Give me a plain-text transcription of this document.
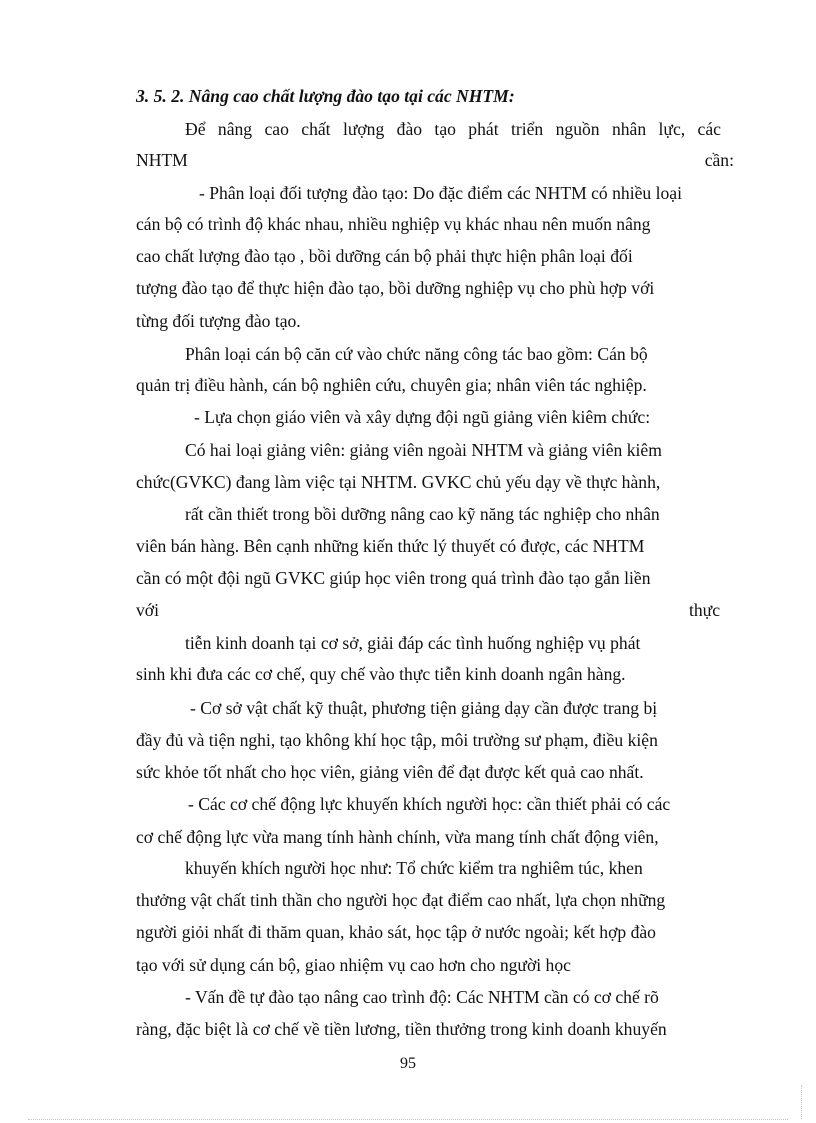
3. 5. 2. Nâng cao chất lượng đào tạo tại các NHTM:
Để nâng cao chất lượng đào tạo phát triển nguồn nhân lực, các
NHTM	cần:
- Phân loại đối tượng đào tạo: Do đặc điểm các NHTM có nhiều loại
cán bộ có trình độ khác nhau, nhiều nghiệp vụ khác nhau nên muốn nâng
cao chất lượng đào tạo , bồi dưỡng cán bộ phải thực hiện phân loại đối
tượng đào tạo để thực hiện đào tạo, bồi dưỡng nghiệp vụ cho phù hợp với
từng đối tượng đào tạo.
Phân loại cán bộ căn cứ vào chức năng công tác bao gồm: Cán bộ
quản trị điều hành, cán bộ nghiên cứu, chuyên gia; nhân viên tác nghiệp.
- Lựa chọn giáo viên và xây dựng đội ngũ giảng viên kiêm chức:
Có hai loại giảng viên: giảng viên ngoài NHTM và giảng viên kiêm
chức(GVKC) đang làm việc tại NHTM. GVKC chủ yếu dạy về thực hành,
rất cần thiết trong bồi dưỡng nâng cao kỹ năng tác nghiệp cho nhân
viên bán hàng. Bên cạnh những kiến thức lý thuyết có được, các NHTM
cần có một đội ngũ GVKC giúp học viên trong quá trình đào tạo gắn liền
với	thực
tiễn kinh doanh tại cơ sở, giải đáp các tình huống nghiệp vụ phát
sinh khi đưa các cơ chế, quy chế vào thực tiễn kinh doanh ngân hàng.
- Cơ sở vật chất kỹ thuật, phương tiện giảng dạy cần được trang bị
đầy đủ và tiện nghi, tạo không khí học tập, môi trường sư phạm, điều kiện
sức khỏe tốt nhất cho học viên, giảng viên để đạt được kết quả cao nhất.
- Các cơ chế động lực khuyến khích người học: cần thiết phải có các
cơ chế động lực vừa mang tính hành chính, vừa mang tính chất động viên,
khuyến khích người học như: Tổ chức kiểm tra nghiêm túc, khen
thưởng vật chất tinh thần cho người học đạt điểm cao nhất, lựa chọn những
người giỏi nhất đi thăm quan, khảo sát, học tập ở nước ngoài; kết hợp đào
tạo với sử dụng cán bộ, giao nhiệm vụ cao hơn cho người học
- Vấn đề tự đào tạo nâng cao trình độ: Các NHTM cần có cơ chế rõ
ràng, đặc biệt là cơ chế về tiền lương, tiền thưởng trong kinh doanh khuyến
95
